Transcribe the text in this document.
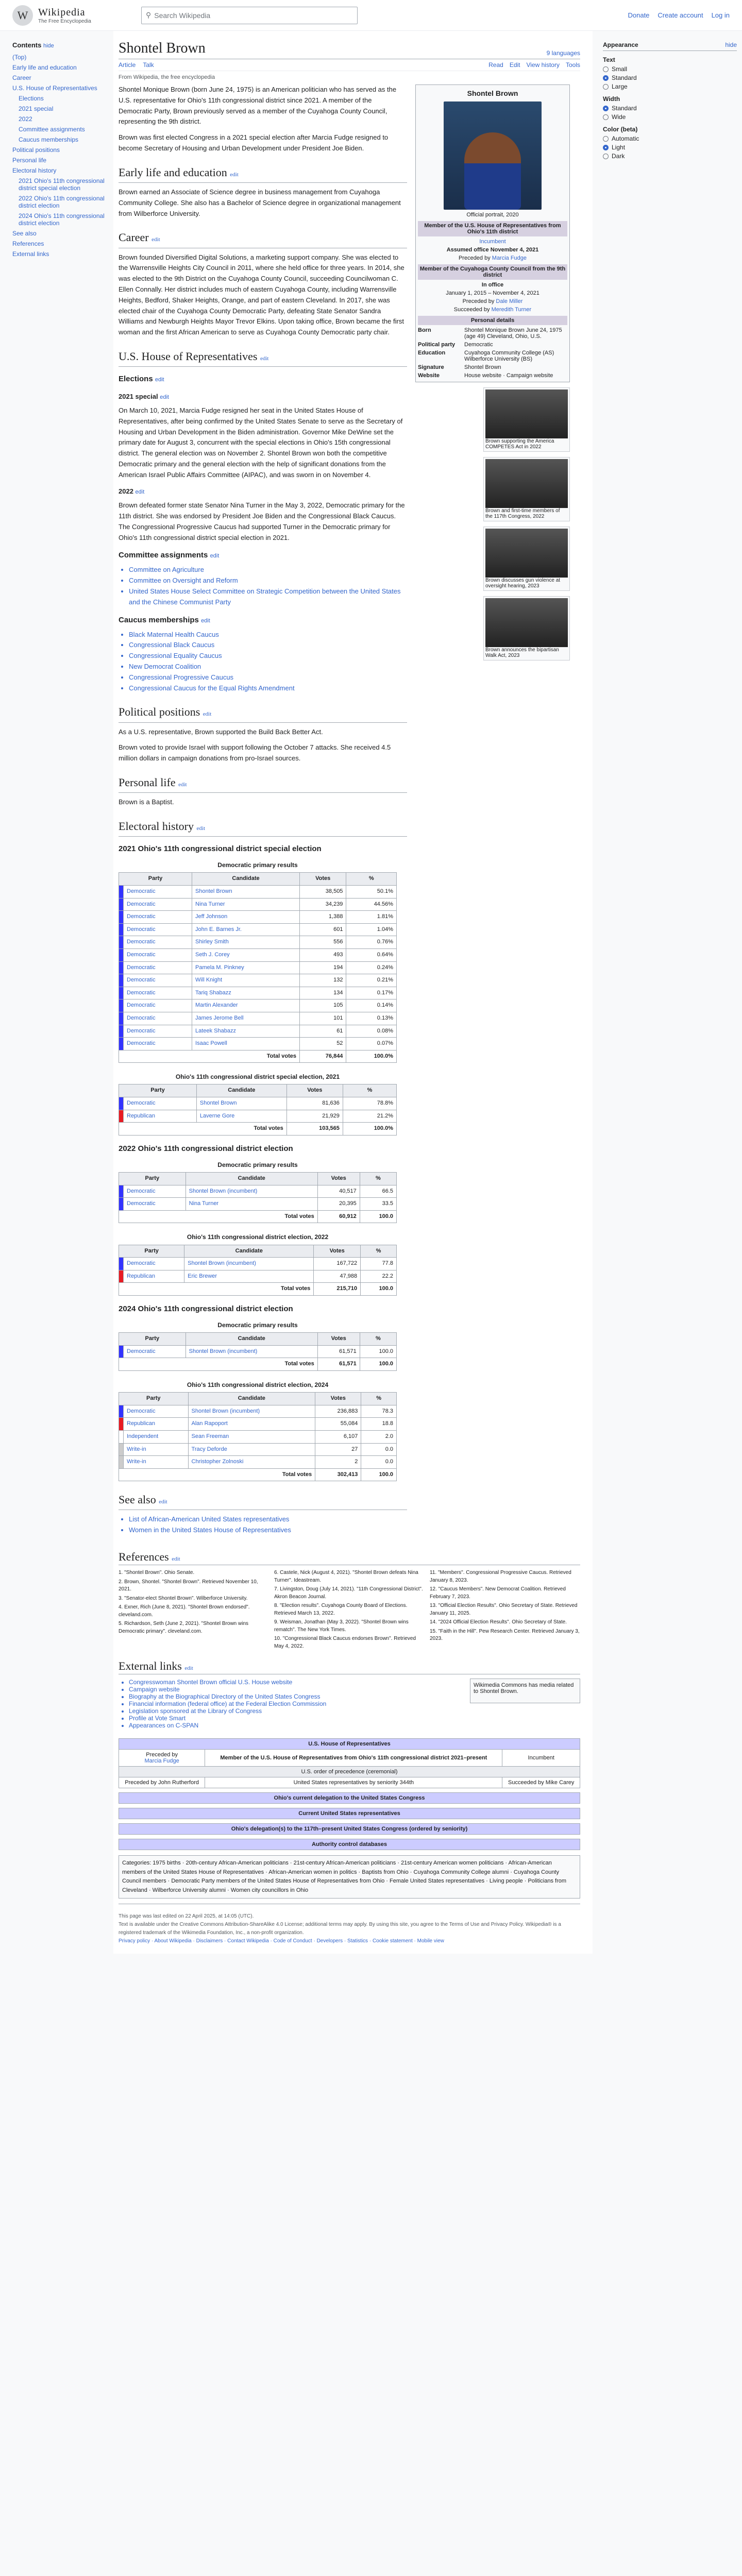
W Wikipedia
The Free Encyclopedia
⚲ Search Wikipedia	Donate Create account Log in
Contents hide
(Top)
Early life and education
Career
U.S. House of Representatives
Elections
2021 special
2022
Committee assignments
Caucus memberships
Political positions
Personal life
Electoral history
2021 Ohio's 11th congressional district special election
2022 Ohio's 11th congressional district election
2024 Ohio's 11th congressional district election
See also
References
External links
Shontel Brown	9 languages
Article Talk	Read Edit View history Tools
From Wikipedia, the free encyclopedia

Shontel Monique Brown (born June 24, 1975) is an American politician who has served as the U.S. representative for Ohio's 11th congressional district since 2021. A member of the Democratic Party, Brown previously served as a member of the Cuyahoga County Council, representing the 9th district.

Brown was first elected Congress in a 2021 special election after Marcia Fudge resigned to become Secretary of Housing and Urban Development under President Joe Biden.

Early life and education edit

Brown earned an Associate of Science degree in business management from Cuyahoga Community College. She also has a Bachelor of Science degree in organizational management from Wilberforce University.

Career edit

Brown founded Diversified Digital Solutions, a marketing support company. She was elected to the Warrensville Heights City Council in 2011, where she held office for three years. In 2014, she was elected to the 9th District on the Cuyahoga County Council, succeeding Councilwoman C. Ellen Connally. Her district includes much of eastern Cuyahoga County, including Warrensville Heights, Bedford, Shaker Heights, Orange, and part of eastern Cleveland. In 2017, she was elected chair of the Cuyahoga County Democratic Party, defeating State Senator Sandra Williams and Newburgh Heights Mayor Trevor Elkins. Upon taking office, Brown became the first woman and the first African American to serve as Cuyahoga County Democratic party chair.

U.S. House of Representatives edit
Elections edit
2021 special edit

On March 10, 2021, Marcia Fudge resigned her seat in the United States House of Representatives, after being confirmed by the United States Senate to serve as the Secretary of Housing and Urban Development in the Biden administration. Governor Mike DeWine set the primary date for August 3, concurrent with the special elections in Ohio's 15th congressional district. The general election was on November 2. Shontel Brown won both the competitive Democratic primary and the general election with the help of significant donations from the American Israel Public Affairs Committee (AIPAC), and was sworn in on November 4.

2022 edit

Brown defeated former state Senator Nina Turner in the May 3, 2022, Democratic primary for the 11th district. She was endorsed by President Joe Biden and the Congressional Black Caucus. The Congressional Progressive Caucus had supported Turner in the Democratic primary for Ohio's 11th congressional district special election in 2021.

Committee assignments edit
• Committee on Agriculture
• Committee on Oversight and Reform
• United States House Select Committee on Strategic Competition between the United States and the Chinese Communist Party
Caucus memberships edit
• Black Maternal Health Caucus
• Congressional Black Caucus
• Congressional Equality Caucus
• New Democrat Coalition
• Congressional Progressive Caucus
• Congressional Caucus for the Equal Rights Amendment
Political positions edit

As a U.S. representative, Brown supported the Build Back Better Act.

Brown voted to provide Israel with support following the October 7 attacks. She received 4.5 million dollars in campaign donations from pro-Israel sources.

Personal life edit

Brown is a Baptist.

Electoral history edit
2021 Ohio's 11th congressional district special election
Democratic primary results
Party		Candidate	Votes	%
	Democratic	Shontel Brown	38,505	50.1%
	Democratic	Nina Turner	34,239	44.56%
	Democratic	Jeff Johnson	1,388	1.81%
	Democratic	John E. Barnes Jr.	601	1.04%
	Democratic	Shirley Smith	556	0.76%
	Democratic	Seth J. Corey	493	0.64%
	Democratic	Pamela M. Pinkney	194	0.24%
	Democratic	Will Knight	132	0.21%
	Democratic	Tariq Shabazz	134	0.17%
	Democratic	Martin Alexander	105	0.14%
	Democratic	James Jerome Bell	101	0.13%
	Democratic	Lateek Shabazz	61	0.08%
	Democratic	Isaac Powell	52	0.07%
Total votes			76,844	100.0%
Ohio's 11th congressional district special election, 2021
Party		Candidate	Votes	%
	Democratic	Shontel Brown	81,636	78.8%
	Republican	Laverne Gore	21,929	21.2%
Total votes			103,565	100.0%
2022 Ohio's 11th congressional district election
Democratic primary results
Party		Candidate	Votes	%
	Democratic	Shontel Brown (incumbent)	40,517	66.5
	Democratic	Nina Turner	20,395	33.5
Total votes			60,912	100.0
Ohio's 11th congressional district election, 2022
Party		Candidate	Votes	%
	Democratic	Shontel Brown (incumbent)	167,722	77.8
	Republican	Eric Brewer	47,988	22.2
Total votes			215,710	100.0
2024 Ohio's 11th congressional district election
Democratic primary results
Party		Candidate	Votes	%
	Democratic	Shontel Brown (incumbent)	61,571	100.0
Total votes			61,571	100.0
Ohio's 11th congressional district election, 2024
Party		Candidate	Votes	%
	Democratic	Shontel Brown (incumbent)	236,883	78.3
	Republican	Alan Rapoport	55,084	18.8
	Independent	Sean Freeman	6,107	2.0
	Write-in	Tracy Deforde	27	0.0
	Write-in	Christopher Zolnoski	2	0.0
Total votes			302,413	100.0
See also edit
• List of African-American United States representatives
• Women in the United States House of Representatives
Shontel Brown
Official portrait, 2020
Member of the U.S. House of Representatives from Ohio's 11th district
Incumbent
Assumed office November 4, 2021
Preceded by Marcia Fudge
Member of the Cuyahoga County Council from the 9th district
In office
January 1, 2015 – November 4, 2021
Preceded by Dale Miller
Succeeded by Meredith Turner
Personal details
Born	Shontel Monique Brown June 24, 1975 (age 49) Cleveland, Ohio, U.S.
Political party	Democratic
Education	Cuyahoga Community College (AS) Wilberforce University (BS)
Signature	Shontel Brown
Website	House website · Campaign website
Brown supporting the America COMPETES Act in 2022
Brown and first-time members of the 117th Congress, 2022
Brown discusses gun violence at oversight hearing, 2023
Brown announces the bipartisan Walk Act, 2023
References edit
1. "Shontel Brown". Ohio Senate.
2. Brown, Shontel. "Shontel Brown". Retrieved November 10, 2021.
3. "Senator-elect Shontel Brown". Wilberforce University.
4. Exner, Rich (June 8, 2021). "Shontel Brown endorsed". cleveland.com.
5. Richardson, Seth (June 2, 2021). "Shontel Brown wins Democratic primary". cleveland.com.
6. Castele, Nick (August 4, 2021). "Shontel Brown defeats Nina Turner". Ideastream.
7. Livingston, Doug (July 14, 2021). "11th Congressional District". Akron Beacon Journal.
8. "Election results". Cuyahoga County Board of Elections. Retrieved March 13, 2022.
9. Weisman, Jonathan (May 3, 2022). "Shontel Brown wins rematch". The New York Times.
10. "Congressional Black Caucus endorses Brown". Retrieved May 4, 2022.
11. "Members". Congressional Progressive Caucus. Retrieved January 8, 2023.
12. "Caucus Members". New Democrat Coalition. Retrieved February 7, 2023.
13. "Official Election Results". Ohio Secretary of State. Retrieved January 11, 2025.
14. "2024 Official Election Results". Ohio Secretary of State.
15. "Faith in the Hill". Pew Research Center. Retrieved January 3, 2023.
External links edit
• Congresswoman Shontel Brown official U.S. House website
• Campaign website
• Biography at the Biographical Directory of the United States Congress
• Financial information (federal office) at the Federal Election Commission
• Legislation sponsored at the Library of Congress
• Profile at Vote Smart
• Appearances on C-SPAN
Wikimedia Commons has media related to Shontel Brown.
U.S. House of Representatives		
Preceded by
Marcia Fudge	Member of the U.S. House of Representatives from Ohio's 11th congressional district 2021–present	Incumbent
U.S. order of precedence (ceremonial)		
Preceded by John Rutherford	United States representatives by seniority 344th	Succeeded by Mike Carey
Ohio's current delegation to the United States Congress
Current United States representatives
Ohio's delegation(s) to the 117th–present United States Congress (ordered by seniority)
Authority control databases
Categories: 1975 births · 20th-century African-American politicians · 21st-century African-American politicians · 21st-century American women politicians · African-American members of the United States House of Representatives · African-American women in politics · Baptists from Ohio · Cuyahoga Community College alumni · Cuyahoga County Council members · Democratic Party members of the United States House of Representatives from Ohio · Female United States representatives · Living people · Politicians from Cleveland · Wilberforce University alumni · Women city councillors in Ohio
This page was last edited on 22 April 2025, at 14:05 (UTC).
Text is available under the Creative Commons Attribution-ShareAlike 4.0 License; additional terms may apply. By using this site, you agree to the Terms of Use and Privacy Policy. Wikipedia® is a registered trademark of the Wikimedia Foundation, Inc., a non-profit organization.
Privacy policy · About Wikipedia · Disclaimers · Contact Wikipedia · Code of Conduct · Developers · Statistics · Cookie statement · Mobile view
Appearance	hide
Text
Small
Standard
Large
Width
Standard
Wide
Color (beta)
Automatic
Light
Dark
